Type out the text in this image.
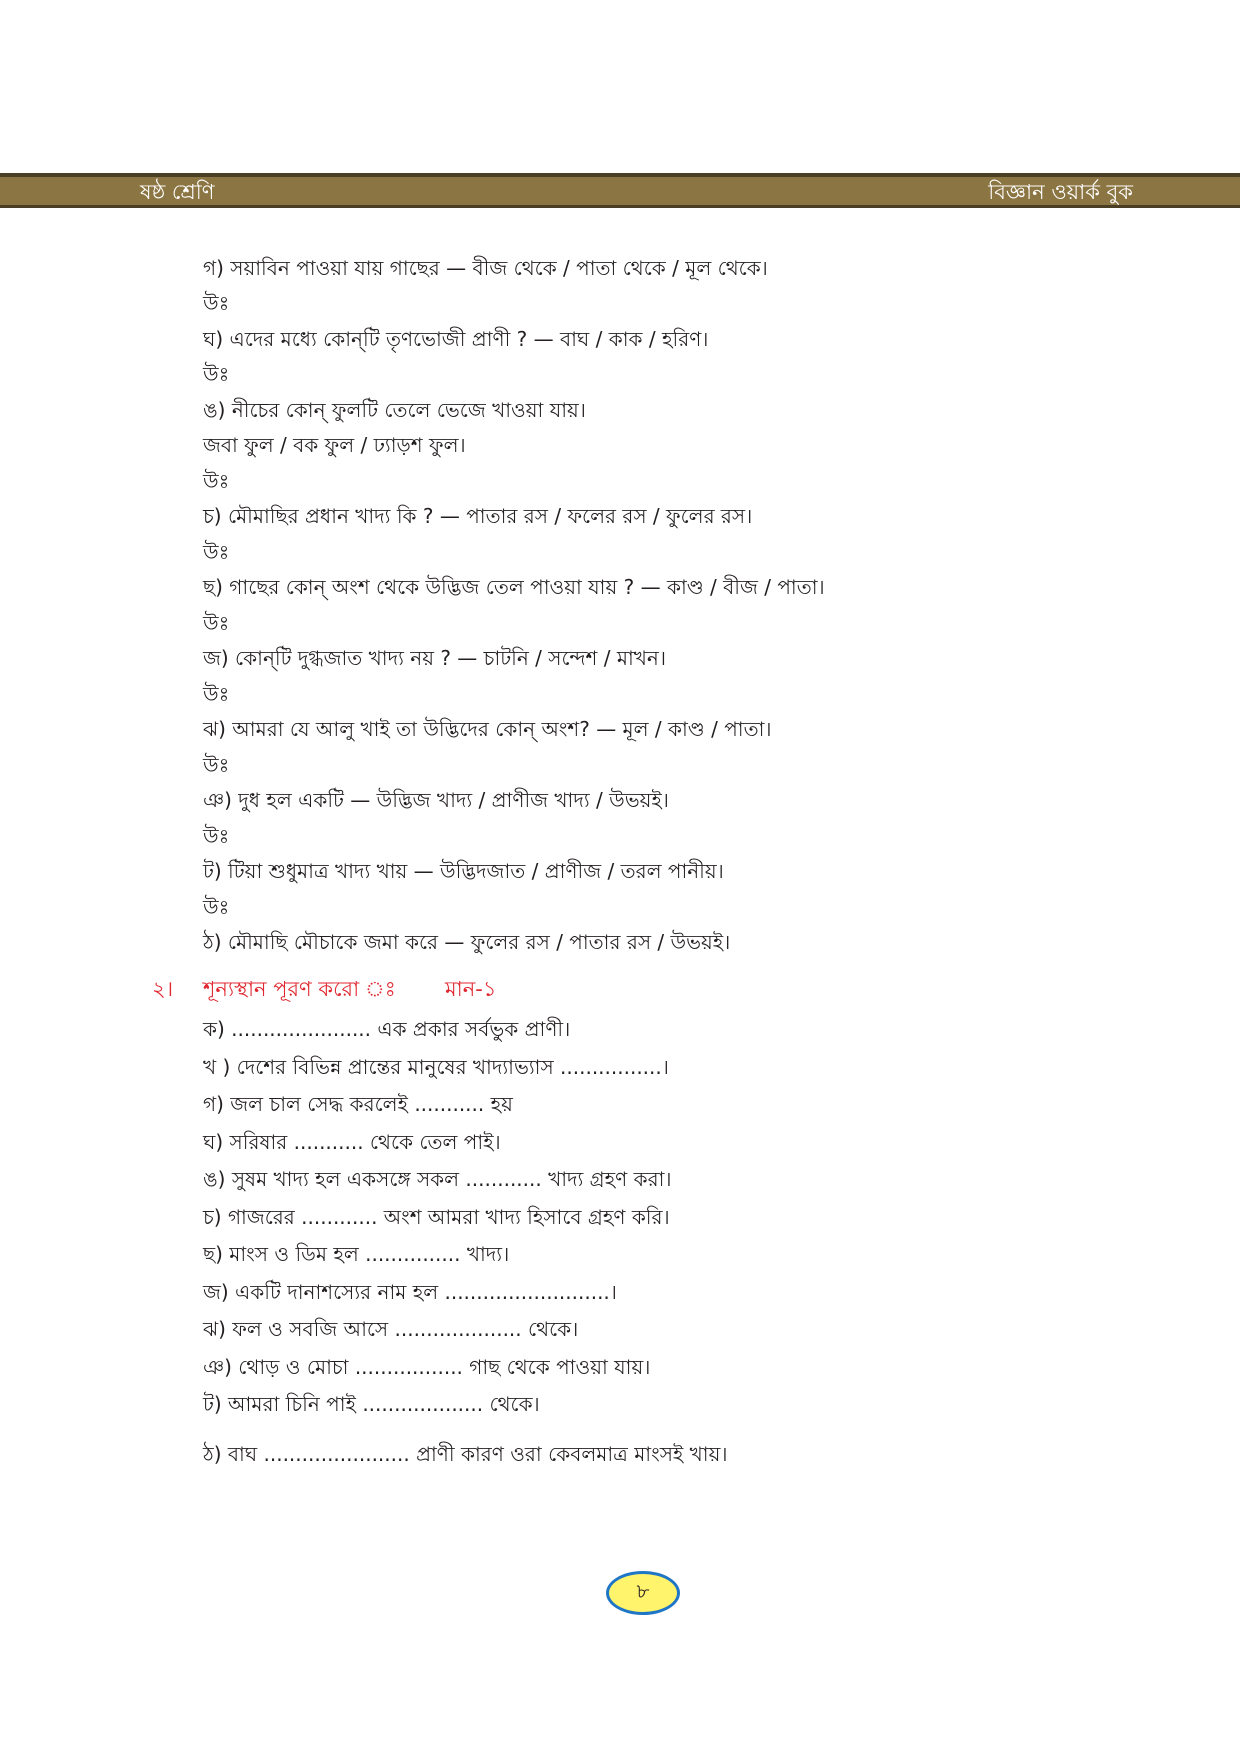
ষষ্ঠ শ্রেণি	বিজ্ঞান ওয়ার্ক বুক
গ) সয়াবিন পাওয়া যায় গাছের — বীজ থেকে / পাতা থেকে / মূল থেকে।
উঃ
ঘ) এদের মধ্যে কোন্‌টি তৃণভোজী প্রাণী ? — বাঘ / কাক / হরিণ।
উঃ
ঙ) নীচের কোন্‌ ফুলটি তেলে ভেজে খাওয়া যায়।
জবা ফুল / বক ফুল / ঢ্যাড়শ ফুল।
উঃ
চ) মৌমাছির প্রধান খাদ্য কি ? — পাতার রস / ফলের রস / ফুলের রস।
উঃ
ছ) গাছের কোন্‌ অংশ থেকে উদ্ভিজ তেল পাওয়া যায় ? — কাণ্ড / বীজ / পাতা।
উঃ
জ) কোন্‌টি দুগ্ধজাত খাদ্য নয় ? — চাটনি / সন্দেশ / মাখন।
উঃ
ঝ) আমরা যে আলু খাই তা উদ্ভিদের কোন্‌ অংশ? — মূল / কাণ্ড / পাতা।
উঃ
ঞ) দুধ হল একটি — উদ্ভিজ খাদ্য / প্রাণীজ খাদ্য / উভয়ই।
উঃ
ট) টিয়া শুধুমাত্র খাদ্য খায় — উদ্ভিদজাত / প্রাণীজ / তরল পানীয়।
উঃ
ঠ) মৌমাছি মৌচাকে জমা করে — ফুলের রস / পাতার রস / উভয়ই।
২। শূন্যস্থান পূরণ করো ঃ মান-১
ক) ...................... এক প্রকার সর্বভুক প্রাণী।
খ ) দেশের বিভিন্ন প্রান্তের মানুষের খাদ্যাভ্যাস ................।
গ) জল চাল সেদ্ধ করলেই ........... হয়
ঘ) সরিষার ........... থেকে তেল পাই।
ঙ) সুষম খাদ্য হল একসঙ্গে সকল ............ খাদ্য গ্রহণ করা।
চ) গাজরের ............ অংশ আমরা খাদ্য হিসাবে গ্রহণ করি।
ছ) মাংস ও ডিম হল ............... খাদ্য।
জ) একটি দানাশস্যের নাম হল ..........................।
ঝ) ফল ও সবজি আসে .................... থেকে।
ঞ) থোড় ও মোচা ................. গাছ থেকে পাওয়া যায়।
ট) আমরা চিনি পাই ................... থেকে।
ঠ) বাঘ ....................... প্রাণী কারণ ওরা কেবলমাত্র মাংসই খায়।
৮
